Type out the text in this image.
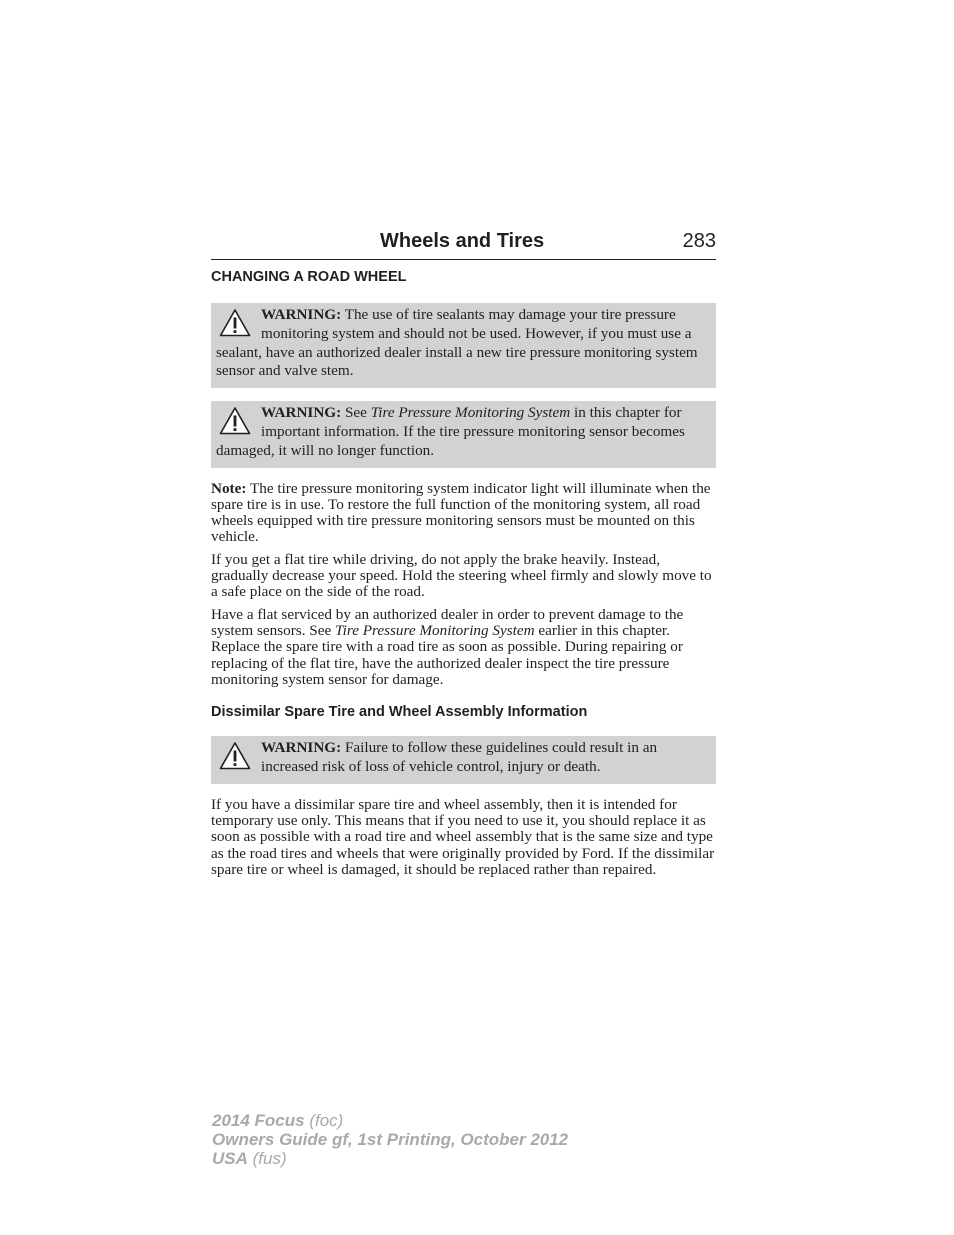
Wheels and Tires	283
CHANGING A ROAD WHEEL
WARNING: The use of tire sealants may damage your tire pressure monitoring system and should not be used. However, if you must use a sealant, have an authorized dealer install a new tire pressure monitoring system sensor and valve stem.
WARNING: See Tire Pressure Monitoring System in this chapter for important information. If the tire pressure monitoring sensor becomes damaged, it will no longer function.

Note: The tire pressure monitoring system indicator light will illuminate when the spare tire is in use. To restore the full function of the monitoring system, all road wheels equipped with tire pressure monitoring sensors must be mounted on this vehicle.

If you get a flat tire while driving, do not apply the brake heavily. Instead, gradually decrease your speed. Hold the steering wheel firmly and slowly move to a safe place on the side of the road.

Have a flat serviced by an authorized dealer in order to prevent damage to the system sensors. See Tire Pressure Monitoring System earlier in this chapter. Replace the spare tire with a road tire as soon as possible. During repairing or replacing of the flat tire, have the authorized dealer inspect the tire pressure monitoring system sensor for damage.

Dissimilar Spare Tire and Wheel Assembly Information
WARNING: Failure to follow these guidelines could result in an increased risk of loss of vehicle control, injury or death.

If you have a dissimilar spare tire and wheel assembly, then it is intended for temporary use only. This means that if you need to use it, you should replace it as soon as possible with a road tire and wheel assembly that is the same size and type as the road tires and wheels that were originally provided by Ford. If the dissimilar spare tire or wheel is damaged, it should be replaced rather than repaired.

2014 Focus (foc)
Owners Guide gf, 1st Printing, October 2012
USA (fus)
